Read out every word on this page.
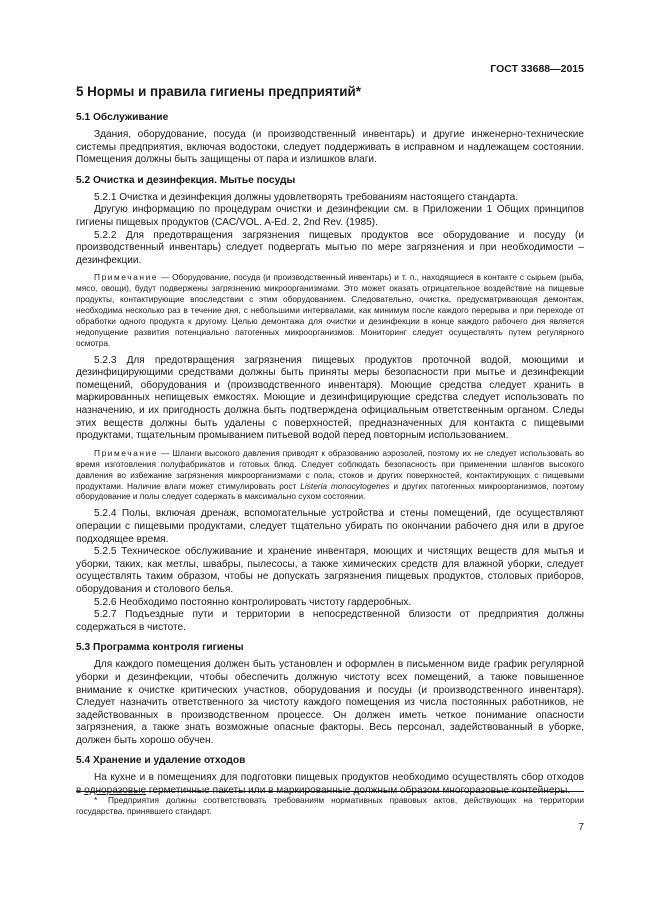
ГОСТ 33688—2015
5 Нормы и правила гигиены предприятий*
5.1 Обслуживание

Здания, оборудование, посуда (и производственный инвентарь) и другие инженерно-технические системы предприятия, включая водостоки, следует поддерживать в исправном и надлежащем состоянии. Помещения должны быть защищены от пара и излишков влаги.

5.2 Очистка и дезинфекция. Мытье посуды

5.2.1 Очистка и дезинфекция должны удовлетворять требованиям настоящего стандарта.

Другую информацию по процедурам очистки и дезинфекции см. в Приложении 1 Общих принципов гигиены пищевых продуктов (CAC/VOL. A-Ed. 2, 2nd Rev. (1985).

5.2.2 Для предотвращения загрязнения пищевых продуктов все оборудование и посуду (и производственный инвентарь) следует подвергать мытью по мере загрязнения и при необходимости – дезинфекции.

Примечание — Оборудование, посуда (и производственный инвентарь) и т. п., находящиеся в контакте с сырьем (рыба, мясо, овощи), будут подвержены загрязнению микроорганизмами. Это может оказать отрицательное воздействие на пищевые продукты, контактирующие впоследствии с этим оборудованием. Следовательно, очистка, предусматривающая демонтаж, необходима несколько раз в течение дня, с небольшими интервалами, как минимум после каждого перерыва и при переходе от обработки одного продукта к другому. Целью демонтажа для очистки и дезинфекции в конце каждого рабочего дня является недопущение развития потенциально патогенных микроорганизмов. Мониторинг следует осуществлять путем регулярного осмотра.

5.2.3 Для предотвращения загрязнения пищевых продуктов проточной водой, моющими и дезинфицирующими средствами должны быть приняты меры безопасности при мытье и дезинфекции помещений, оборудования и (производственного инвентаря). Моющие средства следует хранить в маркированных непищевых емкостях. Моющие и дезинфицирующие средства следует использовать по назначению, и их пригодность должна быть подтверждена официальным ответственным органом. Следы этих веществ должны быть удалены с поверхностей, предназначенных для контакта с пищевыми продуктами, тщательным промыванием питьевой водой перед повторным использованием.

Примечание — Шланги высокого давления приводят к образованию аэрозолей, поэтому их не следует использовать во время изготовления полуфабрикатов и готовых блюд. Следует соблюдать безопасность при применении шлангов высокого давления во избежание загрязнения микроорганизмами с пола, стоков и других поверхностей, контактирующих с пищевыми продуктами. Наличие влаги может стимулировать рост Listeria monocytogenes и других патогенных микроорганизмов, поэтому оборудование и полы следует содержать в максимально сухом состоянии.

5.2.4 Полы, включая дренаж, вспомогательные устройства и стены помещений, где осуществляют операции с пищевыми продуктами, следует тщательно убирать по окончании рабочего дня или в другое подходящее время.

5.2.5 Техническое обслуживание и хранение инвентаря, моющих и чистящих веществ для мытья и уборки, таких, как метлы, швабры, пылесосы, а также химических средств для влажной уборки, следует осуществлять таким образом, чтобы не допускать загрязнения пищевых продуктов, столовых приборов, оборудования и столового белья.

5.2.6 Необходимо постоянно контролировать чистоту гардеробных.

5.2.7 Подъездные пути и территории в непосредственной близости от предприятия должны содержаться в чистоте.

5.3 Программа контроля гигиены

Для каждого помещения должен быть установлен и оформлен в письменном виде график регулярной уборки и дезинфекции, чтобы обеспечить должную чистоту всех помещений, а также повышенное внимание к очистке критических участков, оборудования и посуды (и производственного инвентаря). Следует назначить ответственного за чистоту каждого помещения из числа постоянных работников, не задействованных в производственном процессе. Он должен иметь четкое понимание опасности загрязнения, а также знать возможные опасные факторы. Весь персонал, задействованный в уборке, должен быть хорошо обучен.

5.4 Хранение и удаление отходов

На кухне и в помещениях для подготовки пищевых продуктов необходимо осуществлять сбор отходов в одноразовые герметичные пакеты или в маркированные должным образом многоразовые контейнеры.

* Предприятия должны соответствовать требованиям нормативных правовых актов, действующих на территории государства, принявшего стандарт.

7
